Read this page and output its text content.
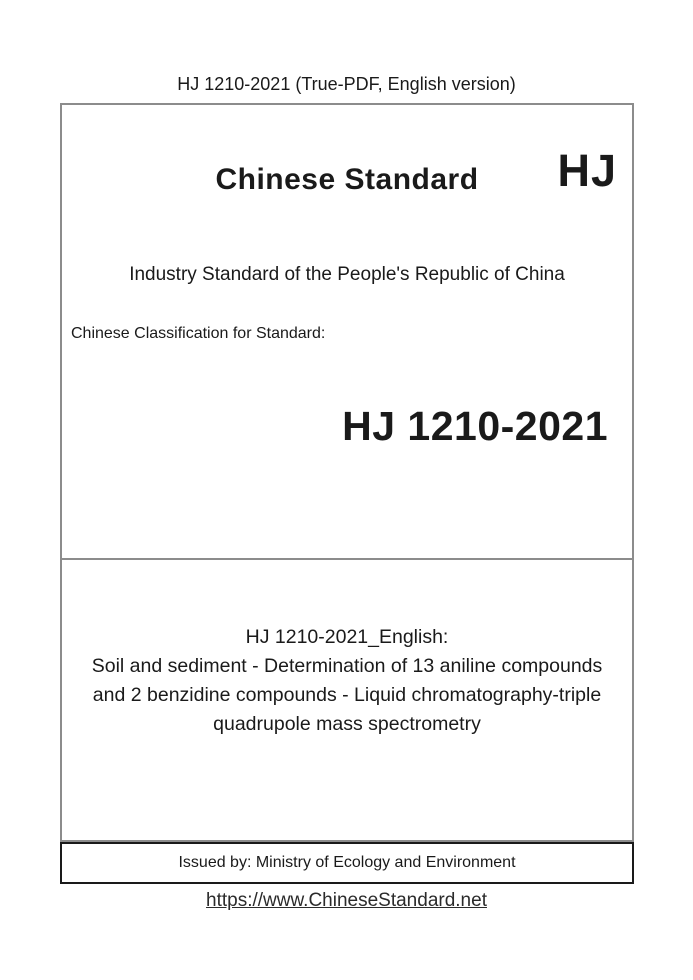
HJ 1210-2021 (True-PDF, English version)
Chinese Standard	HJ
Industry Standard of the People's Republic of China
Chinese Classification for Standard:
HJ 1210-2021
HJ 1210-2021_English:
Soil and sediment - Determination of 13 aniline compounds
and 2 benzidine compounds - Liquid chromatography-triple
quadrupole mass spectrometry
Issued by: Ministry of Ecology and Environment
https://www.ChineseStandard.net
